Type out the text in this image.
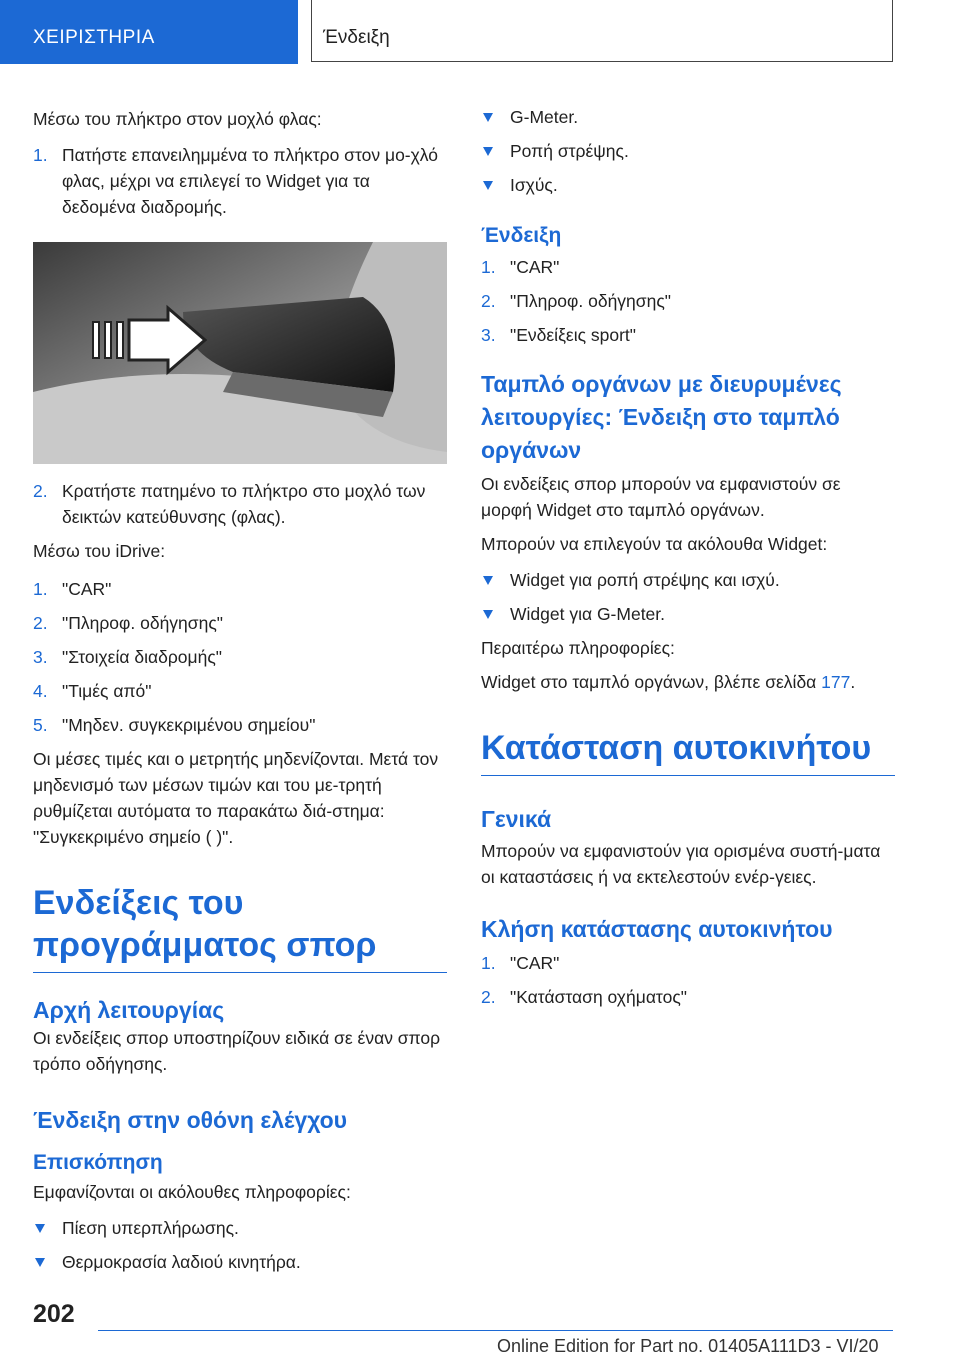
ΧΕΙΡΙΣΤΗΡΙΑ	Ένδειξη

Μέσω του πλήκτρο στον μοχλό φλας:

1. Πατήστε επανειλημμένα το πλήκτρο στον μο-χλό φλας, μέχρι να επιλεγεί το Widget για τα δεδομένα διαδρομής.
2. Κρατήστε πατημένο το πλήκτρο στο μοχλό των δεικτών κατεύθυνσης (φλας).

Μέσω του iDrive:

1. "CAR"
2. "Πληροφ. οδήγησης"
3. "Στοιχεία διαδρομής"
4. "Τιμές από"
5. "Μηδεν. συγκεκριμένου σημείου"

Οι μέσες τιμές και ο μετρητής μηδενίζονται. Μετά τον μηδενισμό των μέσων τιμών και του με-τρητή ρυθμίζεται αυτόματα το παρακάτω διά-στημα: "Συγκεκριμένο σημείο ( )".

Ενδείξεις του προγράμματος σπορ
Αρχή λειτουργίας

Οι ενδείξεις σπορ υποστηρίζουν ειδικά σε έναν σπορ τρόπο οδήγησης.

Ένδειξη στην οθόνη ελέγχου
Επισκόπηση

Εμφανίζονται οι ακόλουθες πληροφορίες:

Πίεση υπερπλήρωσης.
Θερμοκρασία λαδιού κινητήρα.
G-Meter.
Ροπή στρέψης.
Ισχύς.
Ένδειξη
1. "CAR"
2. "Πληροφ. οδήγησης"
3. "Ενδείξεις sport"
Ταμπλό οργάνων με διευρυμένες λειτουργίες: Ένδειξη στο ταμπλό οργάνων

Οι ενδείξεις σπορ μπορούν να εμφανιστούν σε μορφή Widget στο ταμπλό οργάνων.

Μπορούν να επιλεγούν τα ακόλουθα Widget:

Widget για ροπή στρέψης και ισχύ.
Widget για G-Meter.

Περαιτέρω πληροφορίες:

Widget στο ταμπλό οργάνων, βλέπε σελίδα 177.

Κατάσταση αυτοκινήτου
Γενικά

Μπορούν να εμφανιστούν για ορισμένα συστή-ματα οι καταστάσεις ή να εκτελεστούν ενέρ-γειες.

Κλήση κατάστασης αυτοκινήτου
1. "CAR"
2. "Κατάσταση οχήματος"
202
Online Edition for Part no. 01405A111D3 - VI/20
